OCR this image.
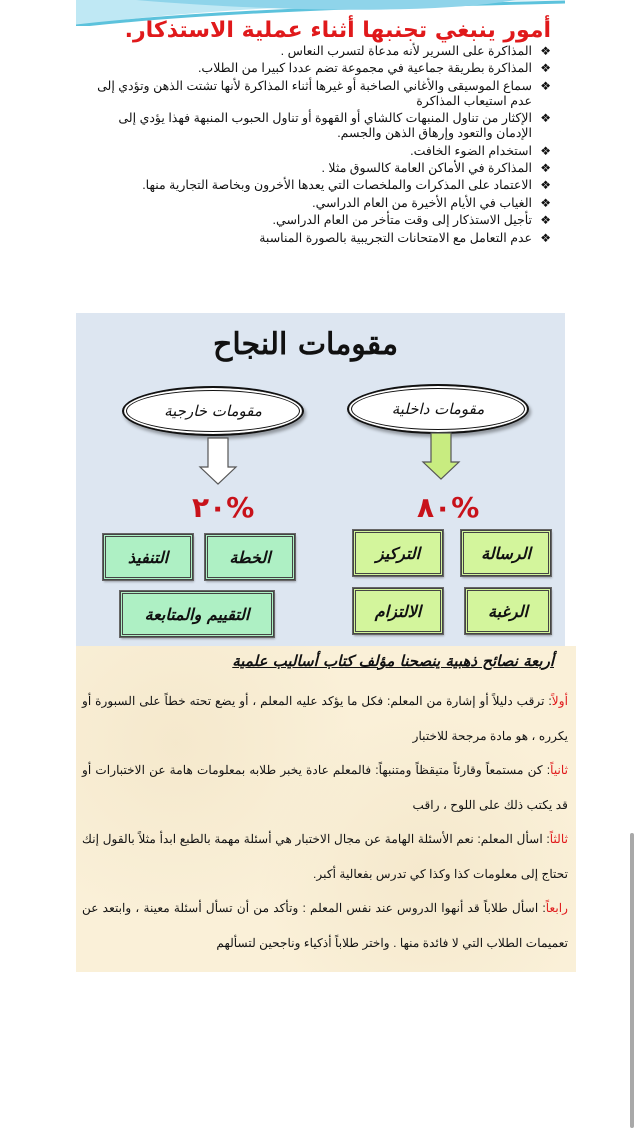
أمور ينبغي تجنبها أثناء عملية الاستذكار.
❖
المذاكرة على السرير لأنه مدعاة لتسرب النعاس .
❖
المذاكرة بطريقة جماعية في مجموعة تضم عددا كبيرا من الطلاب.
❖
سماع الموسيقى والأغاني الصاخبة أو غيرها أثناء المذاكرة لأنها تشتت الذهن وتؤدي إلى عدم استيعاب المذاكرة
❖
الإكثار من تناول المنبهات كالشاي أو القهوة أو تناول الحبوب المنبهة فهذا يؤدي إلى الإدمان والتعود وإرهاق الذهن والجسم.
❖
استخدام الضوء الخافت.
❖
المذاكرة في الأماكن العامة كالسوق مثلا .
❖
الاعتماد على المذكرات والملخصات التي يعدها الأخرون وبخاصة التجارية منها.
❖
الغياب في الأيام الأخيرة من العام الدراسي.
❖
تأجيل الاستذكار إلى وقت متأخر من العام الدراسي.
❖
عدم التعامل مع الامتحانات التجريبية بالصورة المناسبة
مقومات النجاح
مقومات خارجية	مقومات داخلية
%٢٠	%٨٠
الخطة
التنفيذ
التقييم والمتابعة
الرسالة
التركيز
الرغبة
الالتزام
أربعة نصائح ذهبية ينصحنا مؤلف كتاب أساليب علمية
أولاً: ترقب دليلاً أو إشارة من المعلم: فكل ما يؤكد عليه المعلم ، أو يضع تحته خطاً على السبورة أو يكرره ، هو مادة مرجحة للاختبار
ثانياً: كن مستمعاً وقارئاً متيقظاً ومتنبهاً: فالمعلم عادة يخبر طلابه بمعلومات هامة عن الاختبارات أو قد يكتب ذلك على اللوح ، راقب
ثالثاً: اسأل المعلم: نعم الأسئلة الهامة عن مجال الاختبار هي أسئلة مهمة بالطبع ابدأ مثلاً بالقول إنك تحتاج إلى معلومات كذا وكذا كي تدرس بفعالية أكبر.
رابعاً: اسأل طلاباً قد أنهوا الدروس عند نفس المعلم : وتأكد من أن تسأل أسئلة معينة ، وابتعد عن تعميمات الطلاب التي لا فائدة منها . واختر طلاباً أذكياء وناجحين لتسألهم
